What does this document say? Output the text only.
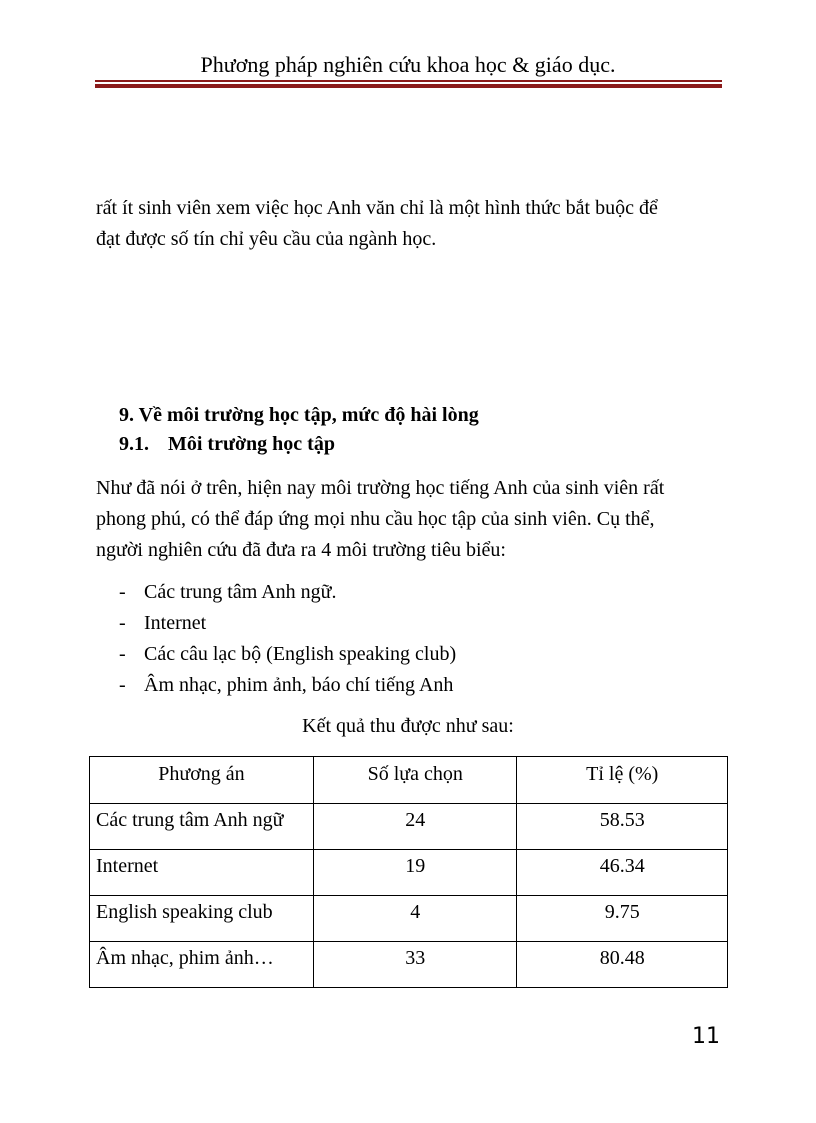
Phương pháp nghiên cứu khoa học & giáo dục.

rất ít sinh viên xem việc học Anh văn chỉ là một hình thức bắt buộc để
đạt được số tín chỉ yêu cầu của ngành học.

9. Về môi trường học tập, mức độ hài lòng
9.1. Môi trường học tập

Như đã nói ở trên, hiện nay môi trường học tiếng Anh của sinh viên rất
phong phú, có thể đáp ứng mọi nhu cầu học tập của sinh viên. Cụ thể,
người nghiên cứu đã đưa ra 4 môi trường tiêu biểu:

- Các trung tâm Anh ngữ.
- Internet
- Các câu lạc bộ (English speaking club)
- Âm nhạc, phim ảnh, báo chí tiếng Anh
Kết quả thu được như sau:
Phương án	Số lựa chọn	Tỉ lệ (%)
Các trung tâm Anh ngữ	24	58.53
Internet	19	46.34
English speaking club	4	9.75
Âm nhạc, phim ảnh…	33	80.48
11
